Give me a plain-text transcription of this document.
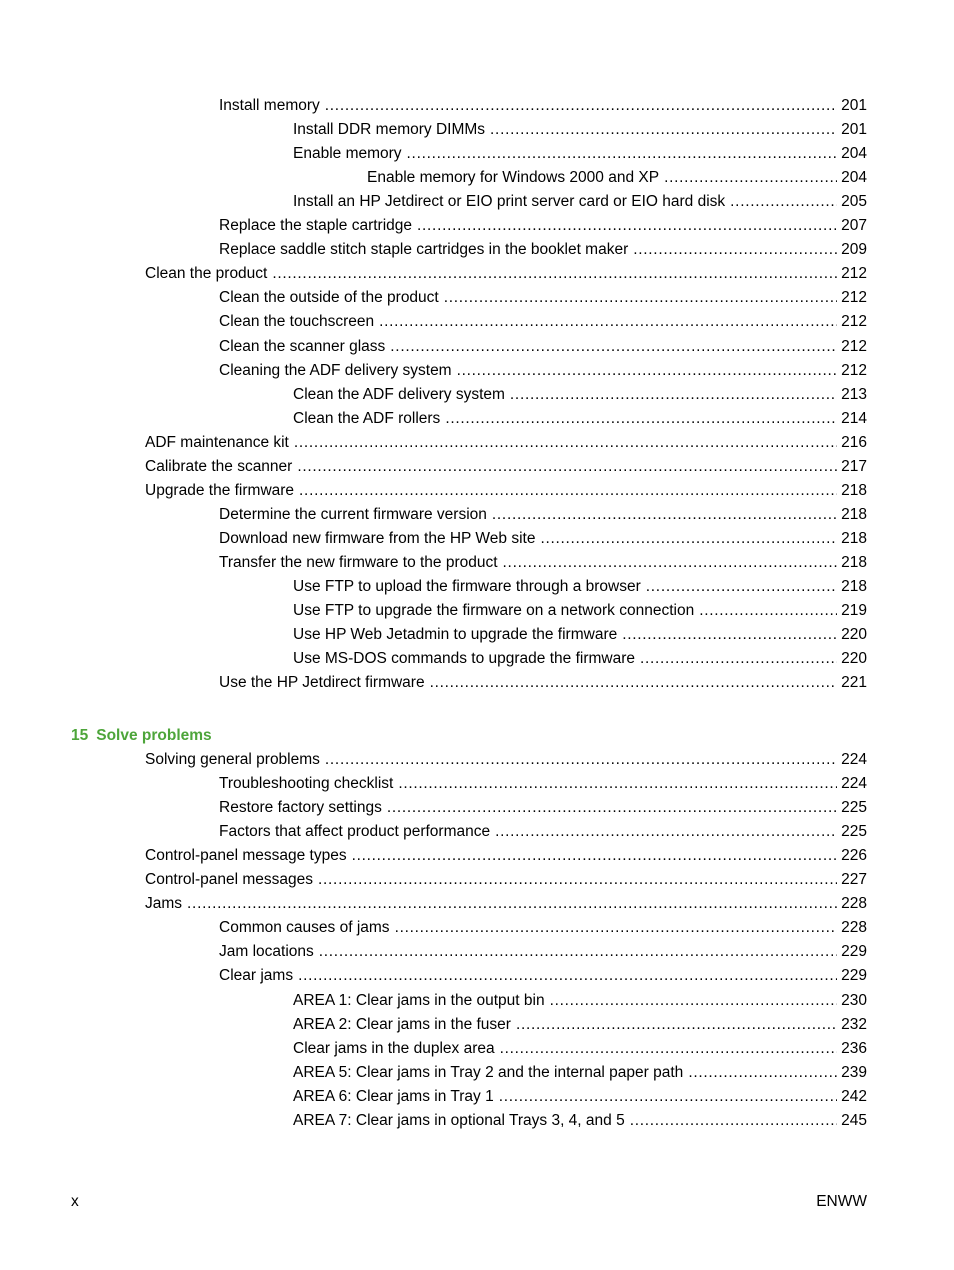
Install memory . . .	201
Install DDR memory DIMMs . . .	201
Enable memory . . .	204
Enable memory for Windows 2000 and XP . . .	204
Install an HP Jetdirect or EIO print server card or EIO hard disk . . .	205
Replace the staple cartridge . . .	207
Replace saddle stitch staple cartridges in the booklet maker . . .	209
Clean the product . . .	212
Clean the outside of the product . . .	212
Clean the touchscreen . . .	212
Clean the scanner glass . . .	212
Cleaning the ADF delivery system . . .	212
Clean the ADF delivery system . . .	213
Clean the ADF rollers . . .	214
ADF maintenance kit . . .	216
Calibrate the scanner . . .	217
Upgrade the firmware . . .	218
Determine the current firmware version . . .	218
Download new firmware from the HP Web site . . .	218
Transfer the new firmware to the product . . .	218
Use FTP to upload the firmware through a browser . . .	218
Use FTP to upgrade the firmware on a network connection . . .	219
Use HP Web Jetadmin to upgrade the firmware . . .	220
Use MS-DOS commands to upgrade the firmware . . .	220
Use the HP Jetdirect firmware . . .	221
15 Solve problems
Solving general problems . . .	224
Troubleshooting checklist . . .	224
Restore factory settings . . .	225
Factors that affect product performance . . .	225
Control-panel message types . . .	226
Control-panel messages . . .	227
Jams . . .	228
Common causes of jams . . .	228
Jam locations . . .	229
Clear jams . . .	229
AREA 1: Clear jams in the output bin . . .	230
AREA 2: Clear jams in the fuser . . .	232
Clear jams in the duplex area . . .	236
AREA 5: Clear jams in Tray 2 and the internal paper path . . .	239
AREA 6: Clear jams in Tray 1 . . .	242
AREA 7: Clear jams in optional Trays 3, 4, and 5 . . .	245
x	ENWW
